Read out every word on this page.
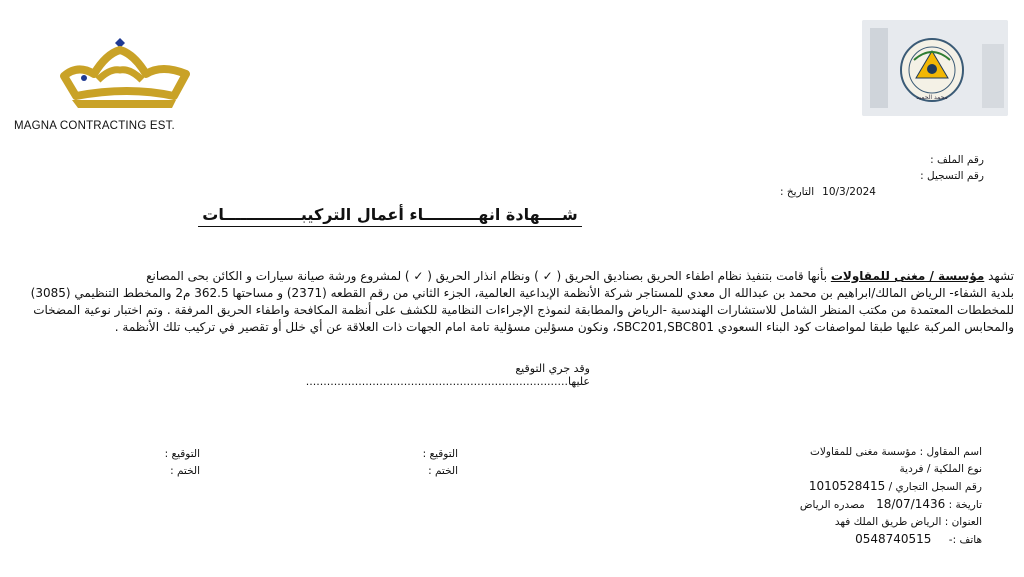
MAGNA CONTRACTING EST.
محمد الحميد
رقم الملف :
رقم التسجيل :
التاريخ : 10/3/2024
شــــهادة انهــــــــــاء أعمال التركيبــــــــــــــات
تشهد مؤسسة / مغنى للمقاولات بأنها قامت بتنفيذ نظام اطفاء الحريق بصناديق الحريق ( ✓ ) ونظام انذار الحريق ( ✓ ) لمشروع ورشة صيانة سيارات و الكائن بحى المصانع
بلدية الشفاء- الرياض المالك/ابراهيم بن محمد بن عبدالله ال معدي للمستاجر شركة الأنظمة الإبداعية العالمية، الجزء الثاني من رقم القطعه (2371) و مساحتها 362.5 م2 والمخطط التنظيمي (3085)
للمخططات المعتمدة من مكتب المنظر الشامل للاستشارات الهندسية -الرياض والمطابقة لنموذج الإجراءات النظامية للكشف على أنظمة المكافحة واطفاء الحريق المرفقة . وتم اختبار نوعية المضخات
والمحابس المركبة عليها طبقا لمواصفات كود البناء السعودي SBC201,SBC801، ونكون مسؤلين مسؤلية تامة امام الجهات ذات العلاقة عن أي خلل أو تقصير في تركيب تلك الأنظمة .
وقد جري التوقيع عليها...........................................................................
التوقيع :
الختم :
التوقيع :
الختم :
اسم المقاول : مؤسسة مغنى للمقاولات
نوع الملكية / فردية
رقم السجل التجاري / 1010528415
تاريخة : 18/07/1436 مصدره الرياض
العنوان : الرياض طريق الملك فهد
هاتف :- 0548740515
